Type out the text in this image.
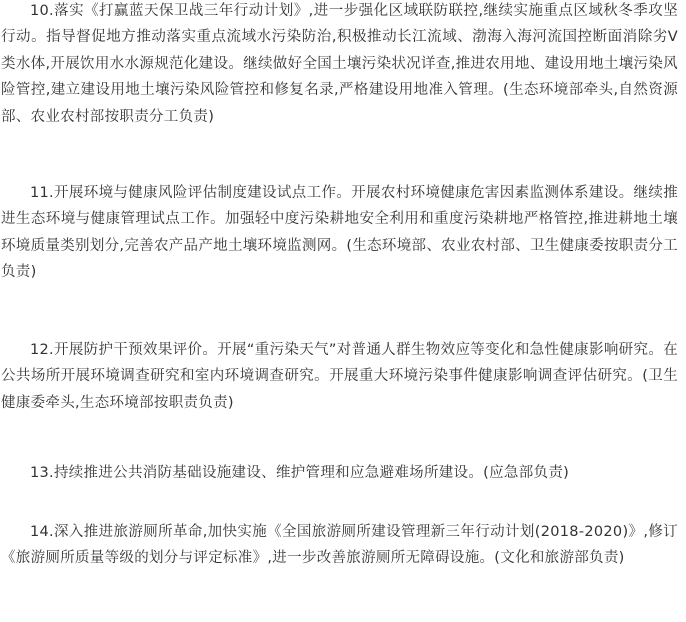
10.落实《打赢蓝天保卫战三年行动计划》,进一步强化区域联防联控,继续实施重点区域秋冬季攻坚行动。指导督促地方推动落实重点流域水污染防治,积极推动长江流域、渤海入海河流国控断面消除劣V类水体,开展饮用水水源规范化建设。继续做好全国土壤污染状况详查,推进农用地、建设用地土壤污染风险管控,建立建设用地土壤污染风险管控和修复名录,严格建设用地准入管理。(生态环境部牵头,自然资源部、农业农村部按职责分工负责)

11.开展环境与健康风险评估制度建设试点工作。开展农村环境健康危害因素监测体系建设。继续推进生态环境与健康管理试点工作。加强轻中度污染耕地安全利用和重度污染耕地严格管控,推进耕地土壤环境质量类别划分,完善农产品产地土壤环境监测网。(生态环境部、农业农村部、卫生健康委按职责分工负责)

12.开展防护干预效果评价。开展“重污染天气”对普通人群生物效应等变化和急性健康影响研究。在公共场所开展环境调查研究和室内环境调查研究。开展重大环境污染事件健康影响调查评估研究。(卫生健康委牵头,生态环境部按职责负责)

13.持续推进公共消防基础设施建设、维护管理和应急避难场所建设。(应急部负责)

14.深入推进旅游厕所革命,加快实施《全国旅游厕所建设管理新三年行动计划(2018-2020)》,修订《旅游厕所质量等级的划分与评定标准》,进一步改善旅游厕所无障碍设施。(文化和旅游部负责)
